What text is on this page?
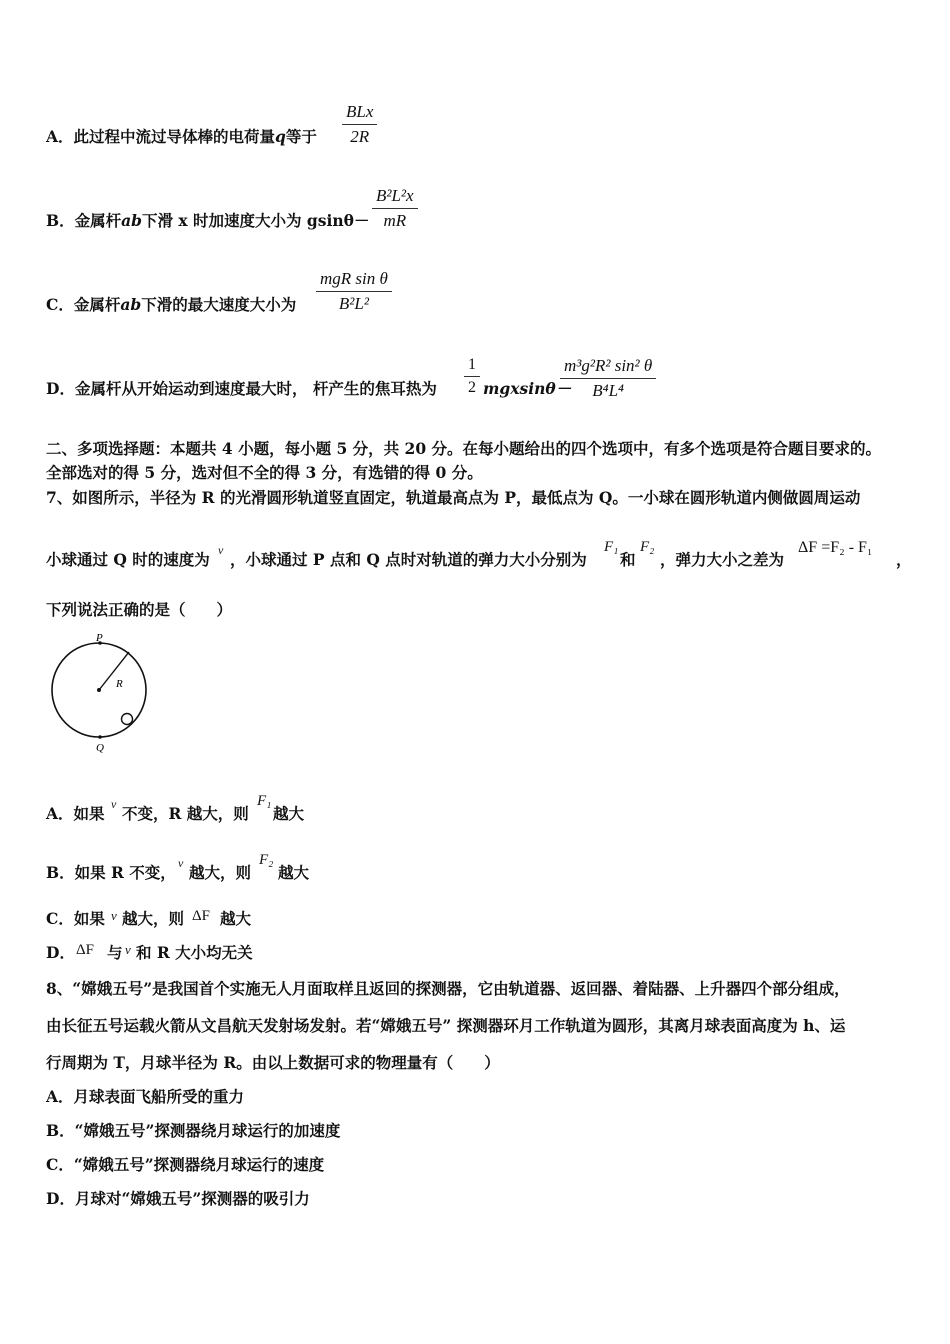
A．此过程中流过导体棒的电荷量q等于
BLx
2R
B．金属杆ab下滑 x 时加速度大小为 $gsin\theta- \frac{\text{B²L²x}}{mR}$
C．金属杆ab下滑的最大速度大小为
mgR sin θ
B²L²
D．金属杆从开始运动到速度最大时， 杆产生的焦耳热为 $\frac{1}{2} mgxsin\theta-$
$\frac{\text{m³g²R² sin² θ}}{\text{B⁴L⁴}}$
二、多项选择题：本题共 4 小题，每小题 5 分，共 20 分。在每小题给出的四个选项中，有多个选项是符合题目要求的。
全部选对的得 5 分，选对但不全的得 3 分，有选错的得 0 分。
7、如图所示，半径为 R 的光滑圆形轨道竖直固定，轨道最高点为 P，最低点为 Q。一小球在圆形轨道内侧做圆周运动
小球通过 Q 时的速度为 v ，小球通过 P 点和 Q 点时对轨道的弹力大小分别为
F₁
和
F₂
，弹力大小之差为
ΔF =F₂ - F₁
，
下列说法正确的是（　　）
P
R
Q
A．如果 v 不变，R 越大，则
F₁
越大
B．如果 R 不变， v 越大，则
F₂
越大
C．如果 v 越大，则 ΔF 越大
D． ΔF 与 v 和 R 大小均无关
8、“嫦娥五号”是我国首个实施无人月面取样且返回的探测器，它由轨道器、返回器、着陆器、上升器四个部分组成，
由长征五号运载火箭从文昌航天发射场发射。若“嫦娥五号” 探测器环月工作轨道为圆形，其离月球表面高度为 h、运
行周期为 T，月球半径为 R。由以上数据可求的物理量有（　　）
A．月球表面飞船所受的重力
B．“嫦娥五号”探测器绕月球运行的加速度
C．“嫦娥五号”探测器绕月球运行的速度
D．月球对“嫦娥五号”探测器的吸引力
